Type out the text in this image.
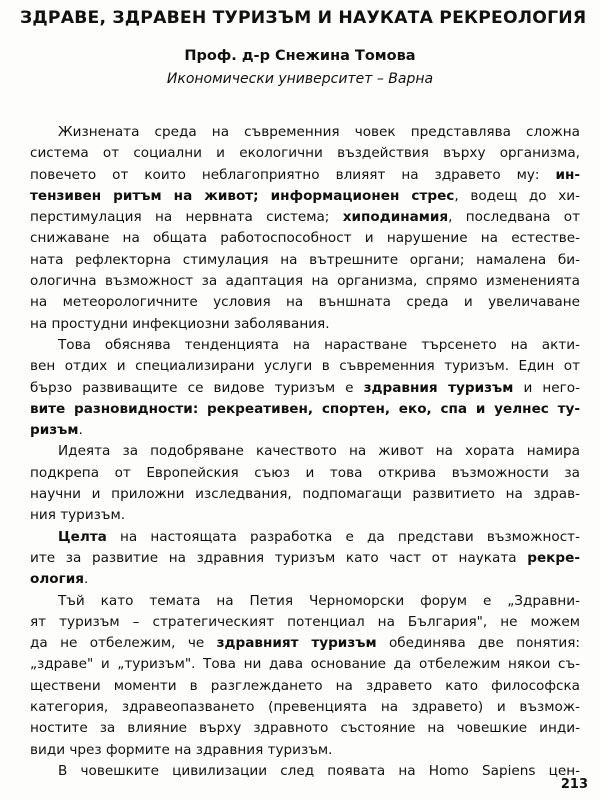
ЗДРАВЕ, ЗДРАВЕН ТУРИЗЪМ И НАУКАТА РЕКРЕОЛОГИЯ
Проф. д-р Снежина Томова
Икономически университет – Варна
Жизнената среда на съвременния човек представлява сложна
система от социални и екологични въздействия върху организма,
повечето от които неблагоприятно влияят на здравето му: ин-
тензивен ритъм на живот; информационен стрес, водещ до хи-
перстимулация на нервната система; хиподинамия, последвана от
снижаване на общата работоспособност и нарушение на естестве-
ната рефлекторна стимулация на вътрешните органи; намалена би-
ологична възможност за адаптация на организма, спрямо измененията
на метеорологичните условия на външната среда и увеличаване
на простудни инфекциозни заболявания.
Това обяснява тенденцията на нарастване търсенето на акти-
вен отдих и специализирани услуги в съвременния туризъм. Един от
бързо развиващите се видове туризъм е здравния туризъм и него-
вите разновидности: рекреативен, спортен, еко, спа и уелнес ту-
ризъм.
Идеята за подобряване качеството на живот на хората намира
подкрепа от Европейския съюз и това открива възможности за
научни и приложни изследвания, подпомагащи развитието на здрав-
ния туризъм.
Целта на настоящата разработка е да представи възможност-
ите за развитие на здравния туризъм като част от науката рекре-
ология.
Тъй като темата на Петия Черноморски форум е „Здравни-
ят туризъм – стратегическият потенциал на България", не можем
да не отбележим, че здравният туризъм обединява две понятия:
„здраве" и „туризъм". Това ни дава основание да отбележим някои съ-
ществени моменти в разглеждането на здравето като философска
категория, здравеопазването (превенцията на здравето) и възмож-
ностите за влияние върху здравното състояние на човешкие инди-
види чрез формите на здравния туризъм.
В човешките цивилизации след появата на Homo Sapiens цен-
213
